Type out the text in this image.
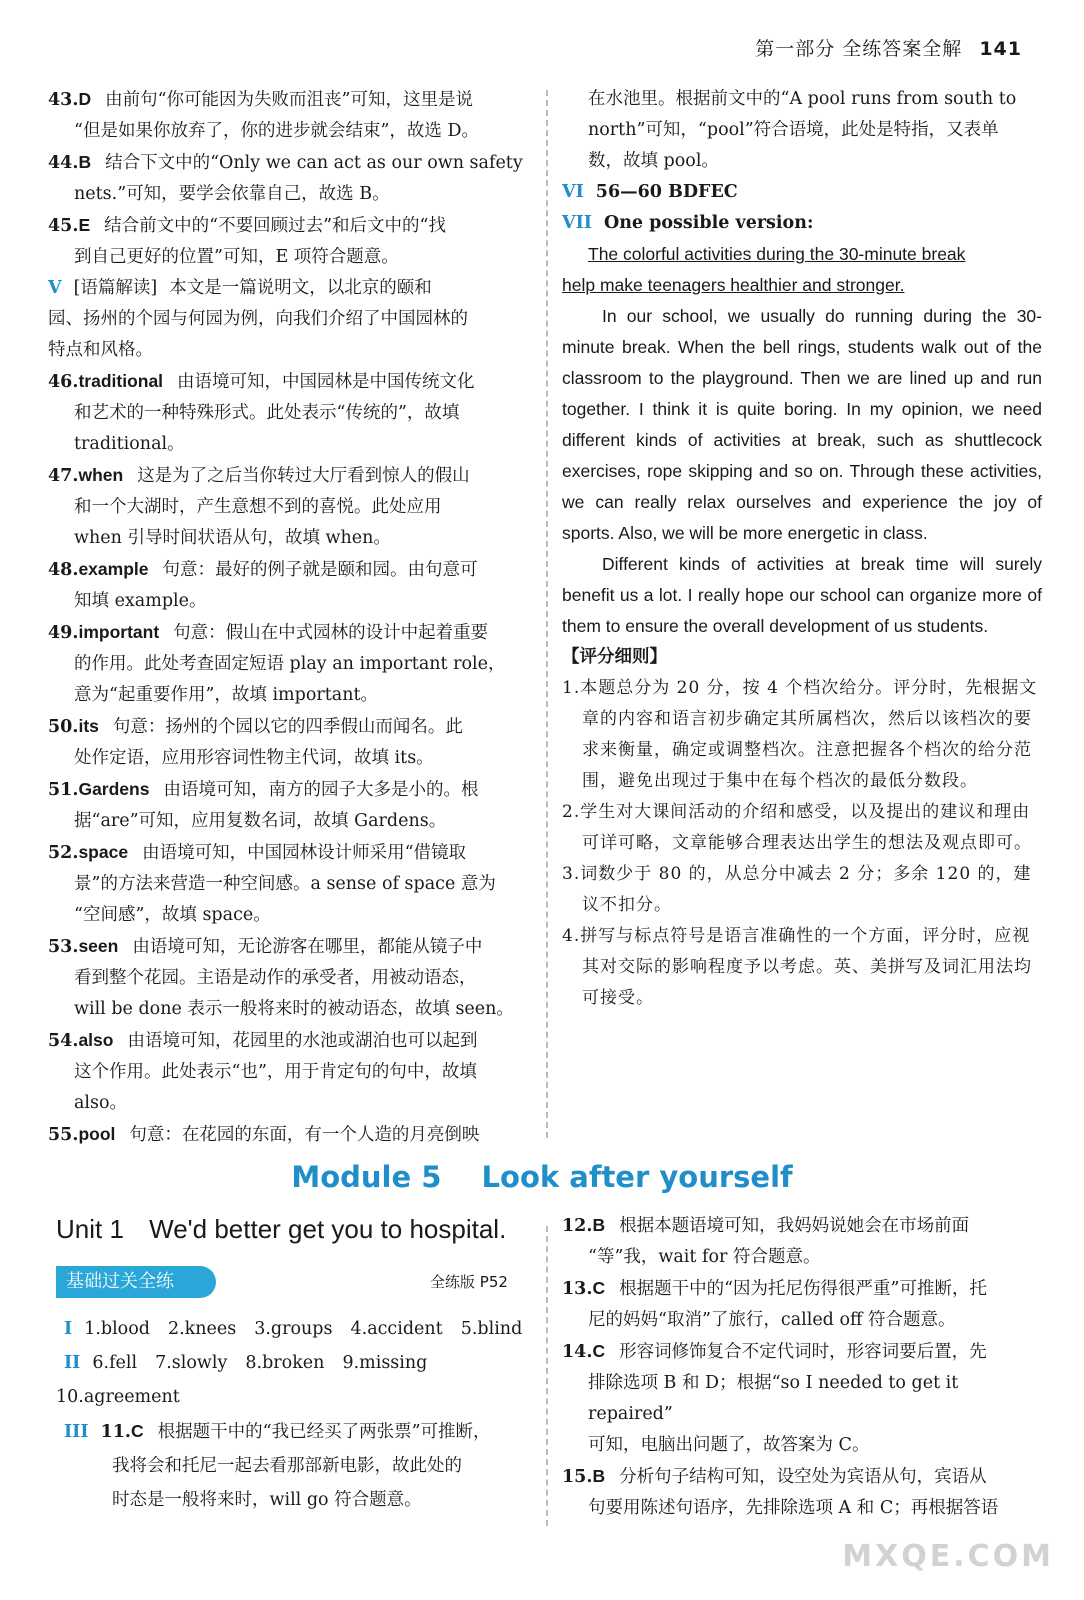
第一部分 全练答案全解 141
43.D 由前句“你可能因为失败而沮丧”可知，这里是说
“但是如果你放弃了，你的进步就会结束”，故选 D。
44.B 结合下文中的“Only we can act as our own safety
nets.”可知，要学会依靠自己，故选 B。
45.E 结合前文中的“不要回顾过去”和后文中的“找
到自己更好的位置”可知，E 项符合题意。
V [语篇解读] 本文是一篇说明文，以北京的颐和
园、扬州的个园与何园为例，向我们介绍了中国园林的
特点和风格。
46.traditional 由语境可知，中国园林是中国传统文化
和艺术的一种特殊形式。此处表示“传统的”，故填
traditional。
47.when 这是为了之后当你转过大厅看到惊人的假山
和一个大湖时，产生意想不到的喜悦。此处应用
when 引导时间状语从句，故填 when。
48.example 句意：最好的例子就是颐和园。由句意可
知填 example。
49.important 句意：假山在中式园林的设计中起着重要
的作用。此处考查固定短语 play an important role，
意为“起重要作用”，故填 important。
50.its 句意：扬州的个园以它的四季假山而闻名。此
处作定语，应用形容词性物主代词，故填 its。
51.Gardens 由语境可知，南方的园子大多是小的。根
据“are”可知，应用复数名词，故填 Gardens。
52.space 由语境可知，中国园林设计师采用“借镜取
景”的方法来营造一种空间感。a sense of space 意为
“空间感”，故填 space。
53.seen 由语境可知，无论游客在哪里，都能从镜子中
看到整个花园。主语是动作的承受者，用被动语态，
will be done 表示一般将来时的被动语态，故填 seen。
54.also 由语境可知，花园里的水池或湖泊也可以起到
这个作用。此处表示“也”，用于肯定句的句中，故填
also。
55.pool 句意：在花园的东面，有一个人造的月亮倒映
在水池里。根据前文中的“A pool runs from south to
north”可知，“pool”符合语境，此处是特指，又表单
数，故填 pool。
VI 56—60 BDFEC
VII One possible version:
The colorful activities during the 30-minute break
help make teenagers healthier and stronger.

In our school, we usually do running during the 30-minute break. When the bell rings, students walk out of the classroom to the playground. Then we are lined up and run together. I think it is quite boring. In my opinion, we need different kinds of activities at break, such as shuttlecock exercises, rope skipping and so on. Through these activities, we can really relax ourselves and experience the joy of sports. Also, we will be more energetic in class.

Different kinds of activities at break time will surely benefit us a lot. I really hope our school can organize more of them to ensure the overall development of us students.

【评分细则】
1.本题总分为 20 分，按 4 个档次给分。评分时，先根据文章的内容和语言初步确定其所属档次，然后以该档次的要求来衡量，确定或调整档次。注意把握各个档次的给分范围，避免出现过于集中在每个档次的最低分数段。
2.学生对大课间活动的介绍和感受，以及提出的建议和理由可详可略，文章能够合理表达出学生的想法及观点即可。
3.词数少于 80 的，从总分中减去 2 分；多余 120 的，建议不扣分。
4.拼写与标点符号是语言准确性的一个方面，评分时，应视其对交际的影响程度予以考虑。英、美拼写及词汇用法均可接受。
Module 5 Look after yourself
Unit 1 We'd better get you to hospital.
基础过关全练	全练版 P52
I 1.blood 2.knees 3.groups 4.accident 5.blind
II 6.fell 7.slowly 8.broken 9.missing
10.agreement
III 11.C 根据题干中的“我已经买了两张票”可推断，
我将会和托尼一起去看那部新电影，故此处的
时态是一般将来时，will go 符合题意。
12.B 根据本题语境可知，我妈妈说她会在市场前面
“等”我，wait for 符合题意。
13.C 根据题干中的“因为托尼伤得很严重”可推断，托
尼的妈妈“取消”了旅行，called off 符合题意。
14.C 形容词修饰复合不定代词时，形容词要后置，先
排除选项 B 和 D；根据“so I needed to get it repaired”
可知，电脑出问题了，故答案为 C。
15.B 分析句子结构可知，设空处为宾语从句，宾语从
句要用陈述句语序，先排除选项 A 和 C；再根据答语
MXQE.COM
